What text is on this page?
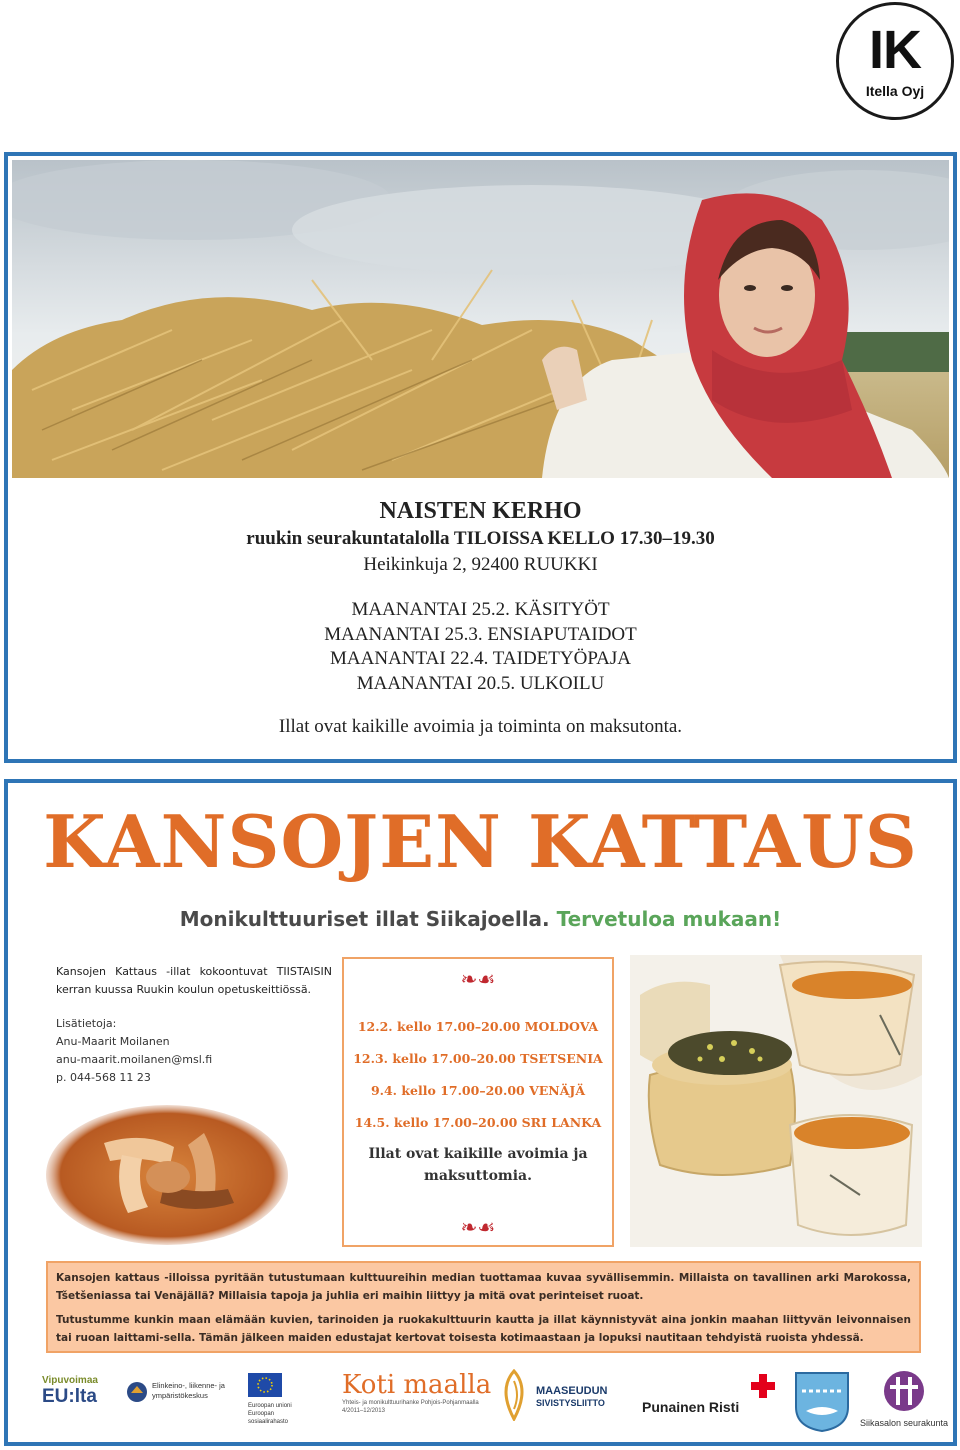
IK
Itella Oyj
NAISTEN KERHO
ruukin seurakuntatalolla TILOISSA KELLO 17.30–19.30
Heikinkuja 2, 92400 RUUKKI
MAANANTAI 25.2. KÄSITYÖT
MAANANTAI 25.3. ENSIAPUTAIDOT
MAANANTAI 22.4. TAIDETYÖPAJA
MAANANTAI 20.5. ULKOILU
Illat ovat kaikille avoimia ja toiminta on maksutonta.
KANSOJEN KATTAUS
Monikulttuuriset illat Siikajoella. Tervetuloa mukaan!
Kansojen Kattaus -illat kokoontuvat TIISTAISIN kerran kuussa Ruukin koulun opetuskeittiössä.
Lisätietoja:
Anu-Maarit Moilanen
anu-maarit.moilanen@msl.fi
p. 044-568 11 23
❧☙
12.2. kello 17.00–20.00 MOLDOVA
12.3. kello 17.00–20.00 TSETSENIA
9.4. kello 17.00–20.00 VENÄJÄ
14.5. kello 17.00–20.00 SRI LANKA
Illat ovat kaikille avoimia ja maksuttomia.
❧☙

Kansojen kattaus -illoissa pyritään tutustumaan kulttuureihin median tuottamaa kuvaa syvällisemmin. Millaista on tavallinen arki Marokossa, Tšetšeniassa tai Venäjällä? Millaisia tapoja ja juhlia eri maihin liittyy ja mitä ovat perinteiset ruoat.

Tutustumme kunkin maan elämään kuvien, tarinoiden ja ruokakulttuurin kautta ja illat käynnistyvät aina jonkin maahan liittyvän leivonnaisen tai ruoan laittami-sella. Tämän jälkeen maiden edustajat kertovat toisesta kotimaastaan ja lopuksi nautitaan tehdyistä ruoista yhdessä.

Vipuvoimaa
EU:lta
Elinkeino-, liikenne- ja ympäristökeskus
Euroopan unioni Euroopan sosiaalirahasto
Koti maalla
Yhteis- ja monikulttuurihanke Pohjois-Pohjanmaalla
4/2011–12/2013
MAASEUDUN
SIVISTYSLIITTO	Punainen Risti
Siikasalon seurakunta
